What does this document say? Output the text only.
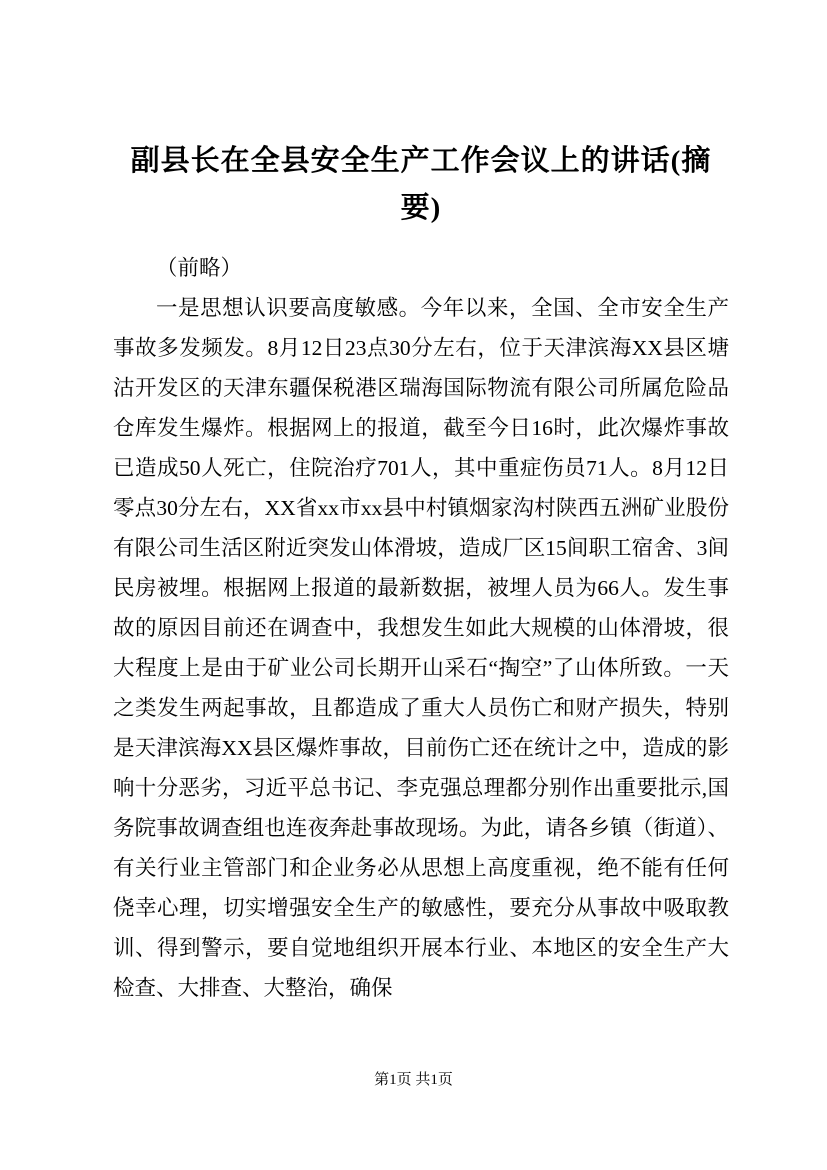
副县长在全县安全生产工作会议上的讲话(摘要)

（前略）

一是思想认识要高度敏感。今年以来，全国、全市安全生产事故多发频发。8月12日23点30分左右，位于天津滨海XX县区塘沽开发区的天津东疆保税港区瑞海国际物流有限公司所属危险品仓库发生爆炸。根据网上的报道，截至今日16时，此次爆炸事故已造成50人死亡，住院治疗701人，其中重症伤员71人。8月12日零点30分左右，XX省xx市xx县中村镇烟家沟村陕西五洲矿业股份有限公司生活区附近突发山体滑坡，造成厂区15间职工宿舍、3间民房被埋。根据网上报道的最新数据，被埋人员为66人。发生事故的原因目前还在调查中，我想发生如此大规模的山体滑坡，很大程度上是由于矿业公司长期开山采石“掏空”了山体所致。一天之类发生两起事故，且都造成了重大人员伤亡和财产损失，特别是天津滨海XX县区爆炸事故，目前伤亡还在统计之中，造成的影响十分恶劣，习近平总书记、李克强总理都分别作出重要批示,国务院事故调查组也连夜奔赴事故现场。为此，请各乡镇（街道）、有关行业主管部门和企业务必从思想上高度重视，绝不能有任何侥幸心理，切实增强安全生产的敏感性，要充分从事故中吸取教训、得到警示，要自觉地组织开展本行业、本地区的安全生产大检查、大排查、大整治，确保

第1页 共1页
